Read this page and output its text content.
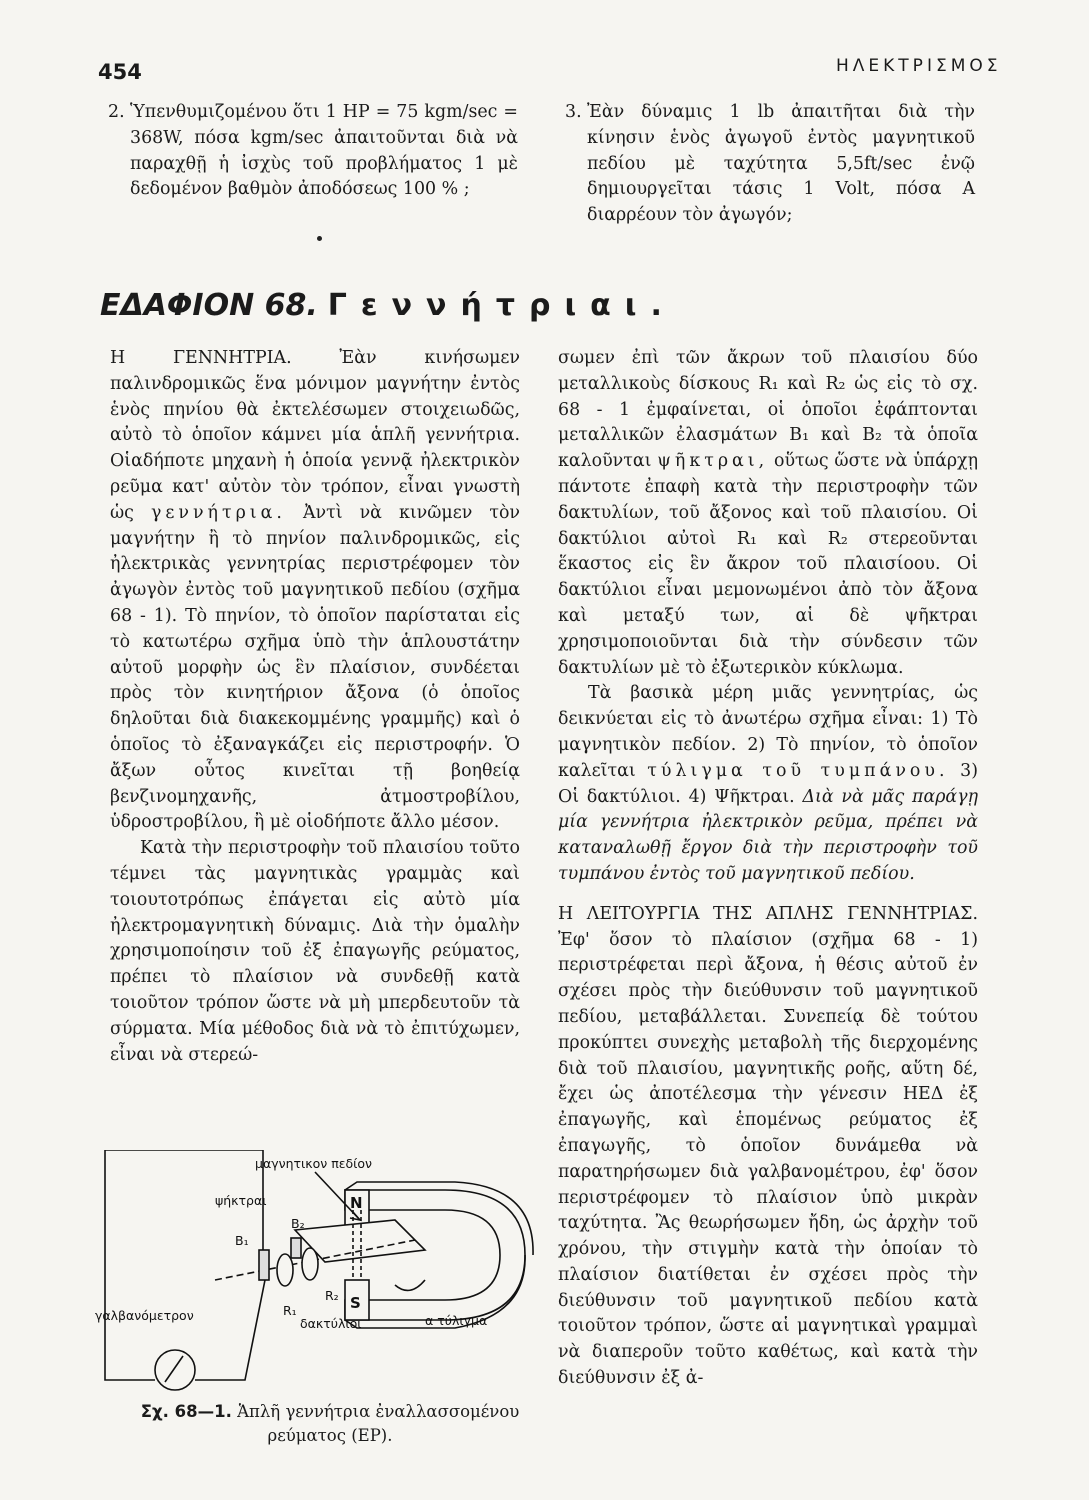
454	ΗΛΕΚΤΡΙΣΜΟΣ
2. Ὑπενθυμιζομένου ὅτι 1 HP = 75 kgm/sec = 368W, πόσα kgm/sec ἀπαιτοῦνται διὰ νὰ παραχθῇ ἡ ἰσχὺς τοῦ προβλήματος 1 μὲ δεδομένον βαθμὸν ἀποδόσεως 100 % ;
3. Ἐὰν δύναμις 1 lb ἀπαιτῆται διὰ τὴν κίνησιν ἑνὸς ἀγωγοῦ ἐντὸς μαγνητικοῦ πεδίου μὲ ταχύτητα 5,5ft/sec ἐνῷ δημιουργεῖται τάσις 1 Volt, πόσα A διαρρέουν τὸν ἀγωγόν;
ΕΔΑΦΙΟΝ 68. Γεννήτριαι.

Η ΓΕΝΝΗΤΡΙΑ. Ἐὰν κινήσωμεν παλινδρομικῶς ἕνα μόνιμον μαγνήτην ἐντὸς ἑνὸς πηνίου θὰ ἐκτελέσωμεν στοιχειωδῶς, αὐτὸ τὸ ὁποῖον κάμνει μία ἁπλῆ γεννήτρια. Οἱαδήποτε μηχανὴ ἡ ὁποία γεννᾷ ἠλεκτρικὸν ρεῦμα κατ' αὐτὸν τὸν τρόπον, εἶναι γνωστὴ ὡς γεννήτρια. Ἀντὶ νὰ κινῶμεν τὸν μαγνήτην ἢ τὸ πηνίον παλινδρομικῶς, εἰς ἠλεκτρικὰς γεννητρίας περιστρέφομεν τὸν ἀγωγὸν ἐντὸς τοῦ μαγνητικοῦ πεδίου (σχῆμα 68 - 1). Τὸ πηνίον, τὸ ὁποῖον παρίσταται εἰς τὸ κατωτέρω σχῆμα ὑπὸ τὴν ἁπλουστάτην αὐτοῦ μορφὴν ὡς ἓν πλαίσιον, συνδέεται πρὸς τὸν κινητήριον ἄξονα (ὁ ὁποῖος δηλοῦται διὰ διακεκομμένης γραμμῆς) καὶ ὁ ὁποῖος τὸ ἐξαναγκάζει εἰς περιστροφήν. Ὁ ἄξων οὗτος κινεῖται τῇ βοηθείᾳ βενζινομηχανῆς, ἀτμοστροβίλου, ὑδροστροβίλου, ἢ μὲ οἱοδήποτε ἄλλο μέσον.

Κατὰ τὴν περιστροφὴν τοῦ πλαισίου τοῦτο τέμνει τὰς μαγνητικὰς γραμμὰς καὶ τοιουτοτρόπως ἐπάγεται εἰς αὐτὸ μία ἠλεκτρομαγνητικὴ δύναμις. Διὰ τὴν ὁμαλὴν χρησιμοποίησιν τοῦ ἐξ ἐπαγωγῆς ρεύματος, πρέπει τὸ πλαίσιον νὰ συνδεθῇ κατὰ τοιοῦτον τρόπον ὥστε νὰ μὴ μπερδευτοῦν τὰ σύρματα. Μία μέθοδος διὰ νὰ τὸ ἐπιτύχωμεν, εἶναι νὰ στερεώ-

μαγνητικον πεδίον
ψήκτραι
B₁
B₂
N
S
R₂
R₁
δακτύλιοι	α τύλιγμα
γαλβανόμετρον
Σχ. 68—1. Ἁπλῆ γεννήτρια ἐναλλασσομένου ρεύματος (ΕΡ).

σωμεν ἐπὶ τῶν ἄκρων τοῦ πλαισίου δύο μεταλλικοὺς δίσκους R₁ καὶ R₂ ὡς εἰς τὸ σχ. 68 - 1 ἐμφαίνεται, οἱ ὁποῖοι ἐφάπτονται μεταλλικῶν ἐλασμάτων B₁ καὶ B₂ τὰ ὁποῖα καλοῦνται ψῆκτραι, οὕτως ὥστε νὰ ὑπάρχῃ πάντοτε ἐπαφὴ κατὰ τὴν περιστροφὴν τῶν δακτυλίων, τοῦ ἄξονος καὶ τοῦ πλαισίου. Οἱ δακτύλιοι αὐτοὶ R₁ καὶ R₂ στερεοῦνται ἕκαστος εἰς ἓν ἄκρον τοῦ πλαισίοου. Οἱ δακτύλιοι εἶναι μεμονωμένοι ἀπὸ τὸν ἄξονα καὶ μεταξύ των, αἱ δὲ ψῆκτραι χρησιμοποιοῦνται διὰ τὴν σύνδεσιν τῶν δακτυλίων μὲ τὸ ἐξωτερικὸν κύκλωμα.

Τὰ βασικὰ μέρη μιᾶς γεννητρίας, ὡς δεικνύεται εἰς τὸ ἀνωτέρω σχῆμα εἶναι: 1) Τὸ μαγνητικὸν πεδίον. 2) Τὸ πηνίον, τὸ ὁποῖον καλεῖται τύλιγμα τοῦ τυμπάνου. 3) Οἱ δακτύλιοι. 4) Ψῆκτραι. Διὰ νὰ μᾶς παράγῃ μία γεννήτρια ἠλεκτρικὸν ρεῦμα, πρέπει νὰ καταναλωθῇ ἔργον διὰ τὴν περιστροφὴν τοῦ τυμπάνου ἐντὸς τοῦ μαγνητικοῦ πεδίου.

Η ΛΕΙΤΟΥΡΓΙΑ ΤΗΣ ΑΠΛΗΣ ΓΕΝΝΗΤΡΙΑΣ. Ἐφ' ὅσον τὸ πλαίσιον (σχῆμα 68 - 1) περιστρέφεται περὶ ἄξονα, ἡ θέσις αὐτοῦ ἐν σχέσει πρὸς τὴν διεύθυνσιν τοῦ μαγνητικοῦ πεδίου, μεταβάλλεται. Συνεπείᾳ δὲ τούτου προκύπτει συνεχὴς μεταβολὴ τῆς διερχομένης διὰ τοῦ πλαισίου, μαγνητικῆς ροῆς, αὕτη δέ, ἔχει ὡς ἀποτέλεσμα τὴν γένεσιν ΗΕΔ ἐξ ἐπαγωγῆς, καὶ ἑπομένως ρεύματος ἐξ ἐπαγωγῆς, τὸ ὁποῖον δυνάμεθα νὰ παρατηρήσωμεν διὰ γαλβανομέτρου, ἐφ' ὅσον περιστρέφομεν τὸ πλαίσιον ὑπὸ μικρὰν ταχύτητα. Ἂς θεωρήσωμεν ἤδη, ὡς ἀρχὴν τοῦ χρόνου, τὴν στιγμὴν κατὰ τὴν ὁποίαν τὸ πλαίσιον διατίθεται ἐν σχέσει πρὸς τὴν διεύθυνσιν τοῦ μαγνητικοῦ πεδίου κατὰ τοιοῦτον τρόπον, ὥστε αἱ μαγνητικαὶ γραμμαὶ νὰ διαπεροῦν τοῦτο καθέτως, καὶ κατὰ τὴν διεύθυνσιν ἐξ ἀ-
